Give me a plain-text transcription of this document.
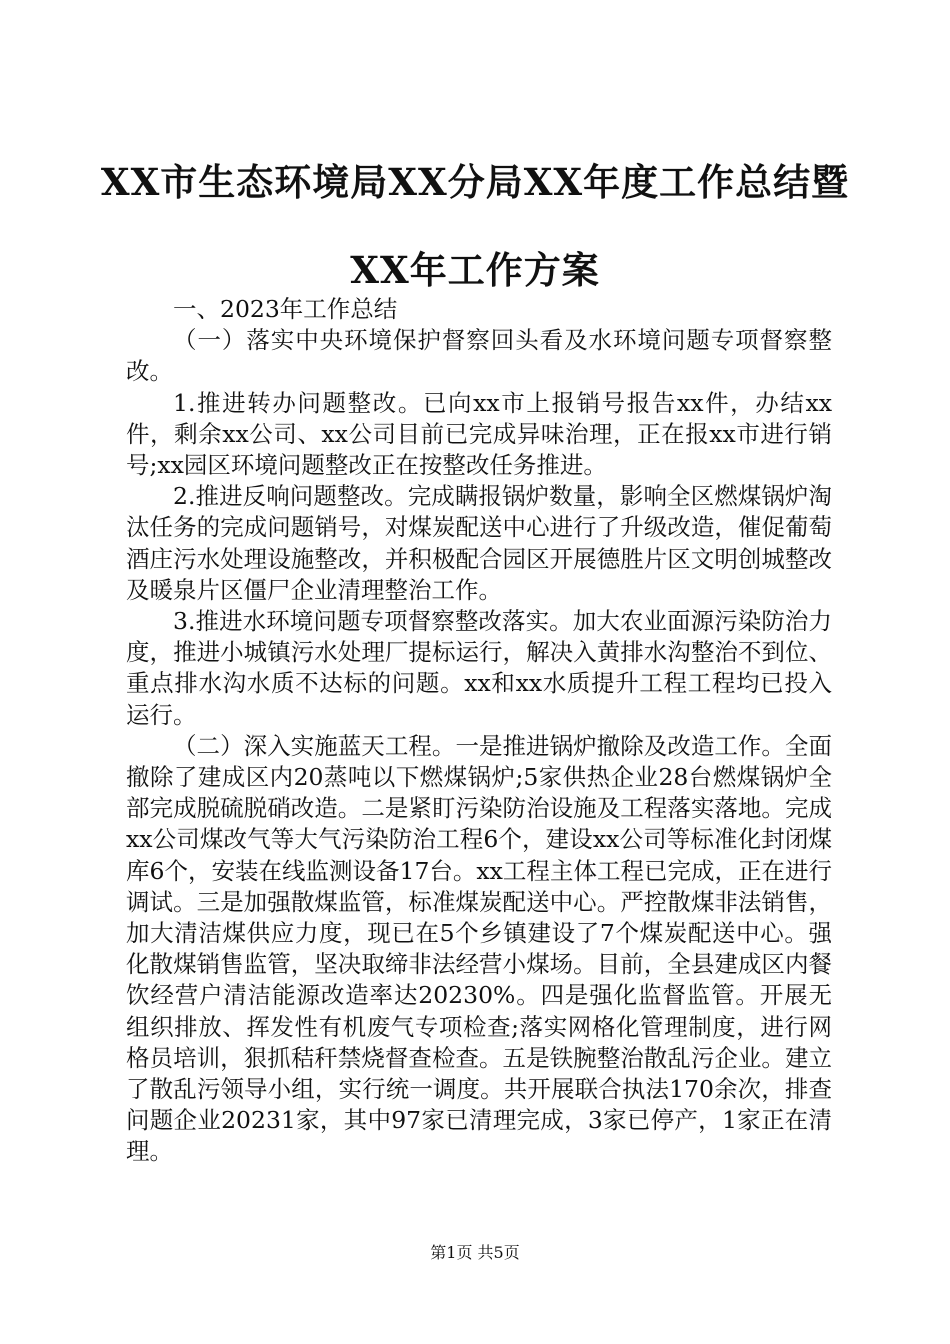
XX市生态环境局XX分局XX年度工作总结暨
XX年工作方案

一、2023年工作总结

（一）落实中央环境保护督察回头看及水环境问题专项督察整改。

1.推进转办问题整改。已向xx市上报销号报告xx件，办结xx件，剩余xx公司、xx公司目前已完成异味治理，正在报xx市进行销号;xx园区环境问题整改正在按整改任务推进。

2.推进反响问题整改。完成瞒报锅炉数量，影响全区燃煤锅炉淘汰任务的完成问题销号，对煤炭配送中心进行了升级改造，催促葡萄酒庄污水处理设施整改，并积极配合园区开展德胜片区文明创城整改及暖泉片区僵尸企业清理整治工作。

3.推进水环境问题专项督察整改落实。加大农业面源污染防治力度，推进小城镇污水处理厂提标运行，解决入黄排水沟整治不到位、重点排水沟水质不达标的问题。xx和xx水质提升工程工程均已投入运行。

（二）深入实施蓝天工程。一是推进锅炉撤除及改造工作。全面撤除了建成区内20蒸吨以下燃煤锅炉;5家供热企业28台燃煤锅炉全部完成脱硫脱硝改造。二是紧盯污染防治设施及工程落实落地。完成xx公司煤改气等大气污染防治工程6个，建设xx公司等标准化封闭煤库6个，安装在线监测设备17台。xx工程主体工程已完成，正在进行调试。三是加强散煤监管，标准煤炭配送中心。严控散煤非法销售，加大清洁煤供应力度，现已在5个乡镇建设了7个煤炭配送中心。强化散煤销售监管，坚决取缔非法经营小煤场。目前，全县建成区内餐饮经营户清洁能源改造率达20230%。四是强化监督监管。开展无组织排放、挥发性有机废气专项检查;落实网格化管理制度，进行网格员培训，狠抓秸秆禁烧督查检查。五是铁腕整治散乱污企业。建立了散乱污领导小组，实行统一调度。共开展联合执法170余次，排查问题企业20231家，其中97家已清理完成，3家已停产，1家正在清理。

第1页 共5页
